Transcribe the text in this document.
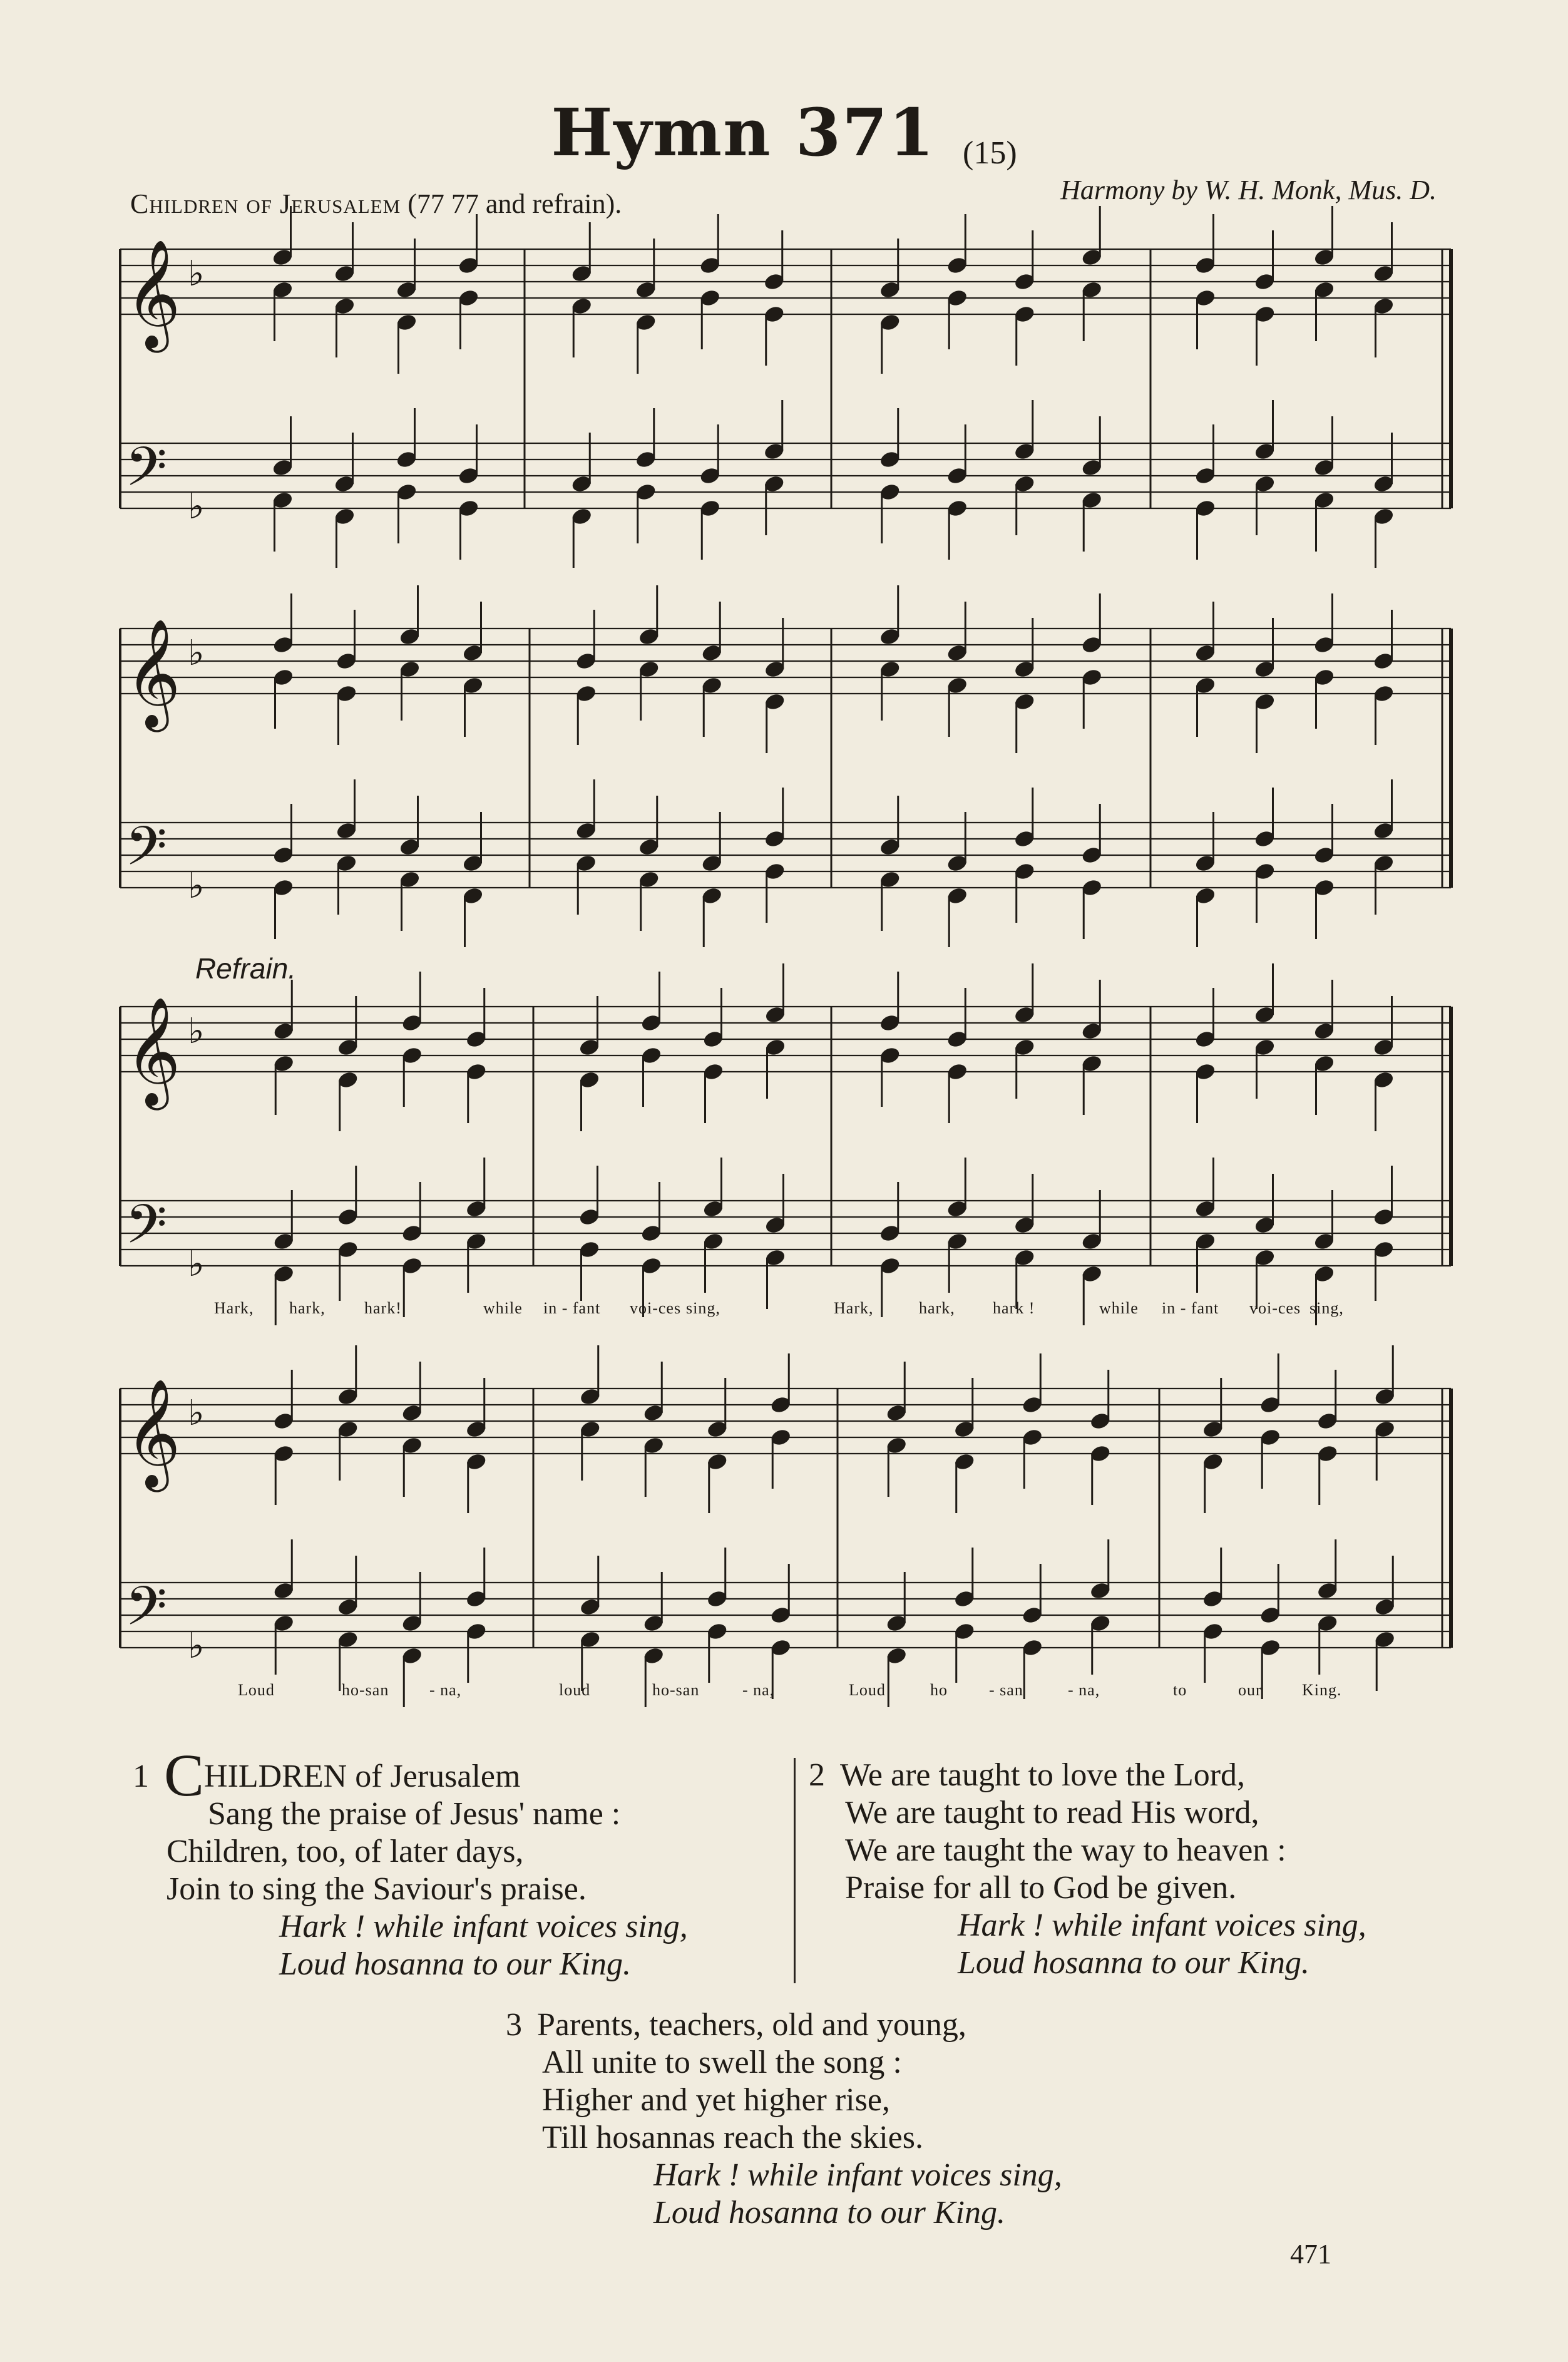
Hymn 371 (15)
Children of Jerusalem (77 77 and refrain).	Harmony by W. H. Monk, Mus. D.
𝄞
𝄢
♭
♭
𝄞
𝄢
♭
♭
𝄞
𝄢
♭
♭
𝄞
𝄢
♭
♭
Refrain.
Hark, hark, hark!	while in - fant voi-ces sing,	Hark,	hark, hark !	while in - fant voi-ces sing,
Loud	ho-san - na,	loud	ho-san	- na,	Loud	ho	- san	- na,	to	our King.
1 CHILDREN of Jerusalem
Sang the praise of Jesus' name :
Children, too, of later days,
Join to sing the Saviour's praise.
Hark ! while infant voices sing,
Loud hosanna to our King.
2 We are taught to love the Lord,
We are taught to read His word,
We are taught the way to heaven :
Praise for all to God be given.
Hark ! while infant voices sing,
Loud hosanna to our King.
3 Parents, teachers, old and young,
All unite to swell the song :
Higher and yet higher rise,
Till hosannas reach the skies.
Hark ! while infant voices sing,
Loud hosanna to our King.
471
